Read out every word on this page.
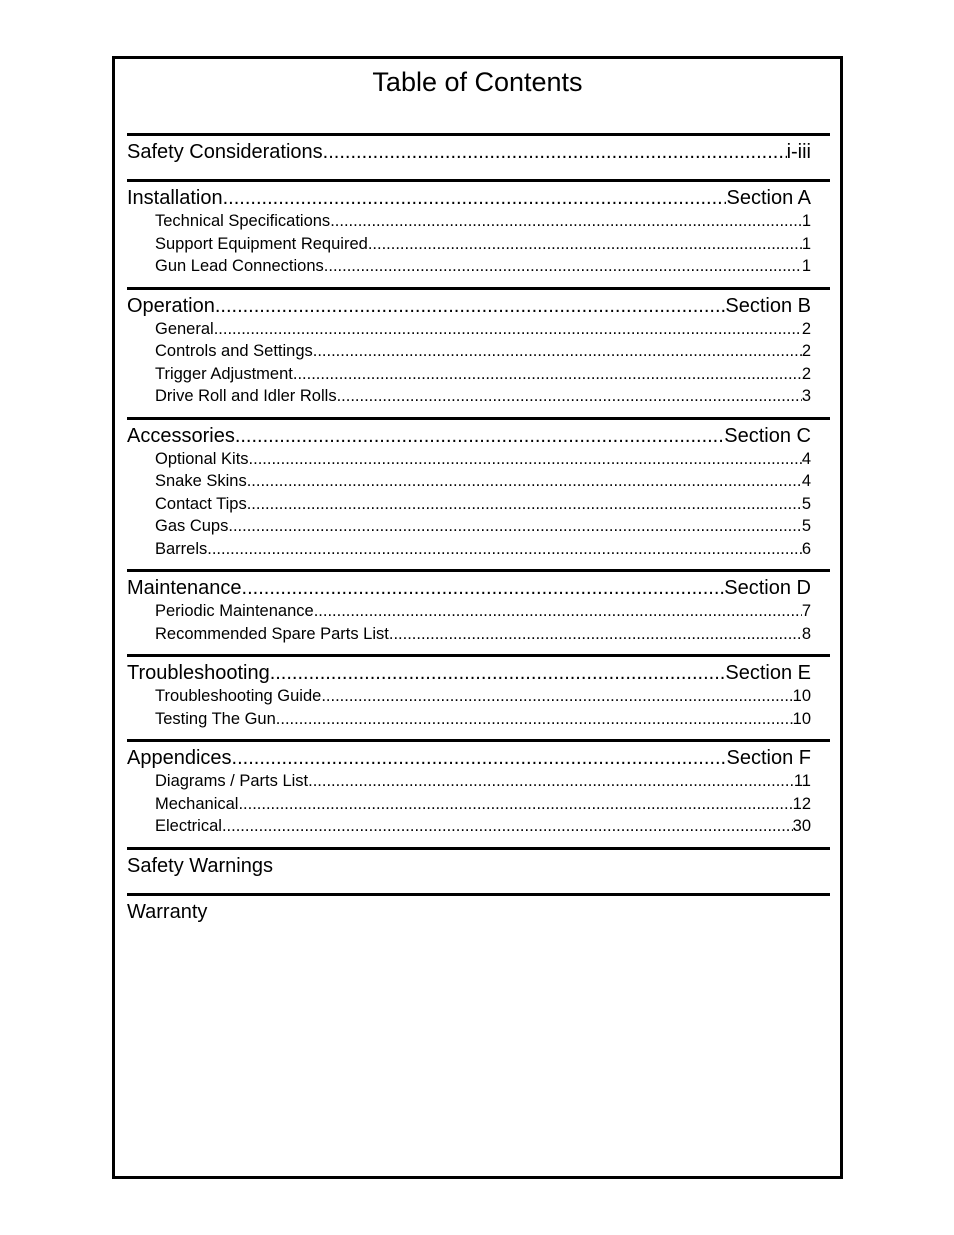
Table of Contents
Safety Considerations .....	i-iii
Installation .....	Section A
Technical Specifications .....	1
Support Equipment Required .....	1
Gun Lead Connections .....	1
Operation .....	Section B
General .....	2
Controls and Settings .....	2
Trigger Adjustment .....	2
Drive Roll and Idler Rolls .....	3
Accessories .....	Section C
Optional Kits .....	4
Snake Skins .....	4
Contact Tips .....	5
Gas Cups .....	5
Barrels .....	6
Maintenance .....	Section D
Periodic Maintenance .....	7
Recommended Spare Parts List .....	8
Troubleshooting .....	Section E
Troubleshooting Guide .....	10
Testing The Gun .....	10
Appendices .....	Section F
Diagrams / Parts List .....	11
Mechanical .....	12
Electrical .....	30
Safety Warnings
Warranty
